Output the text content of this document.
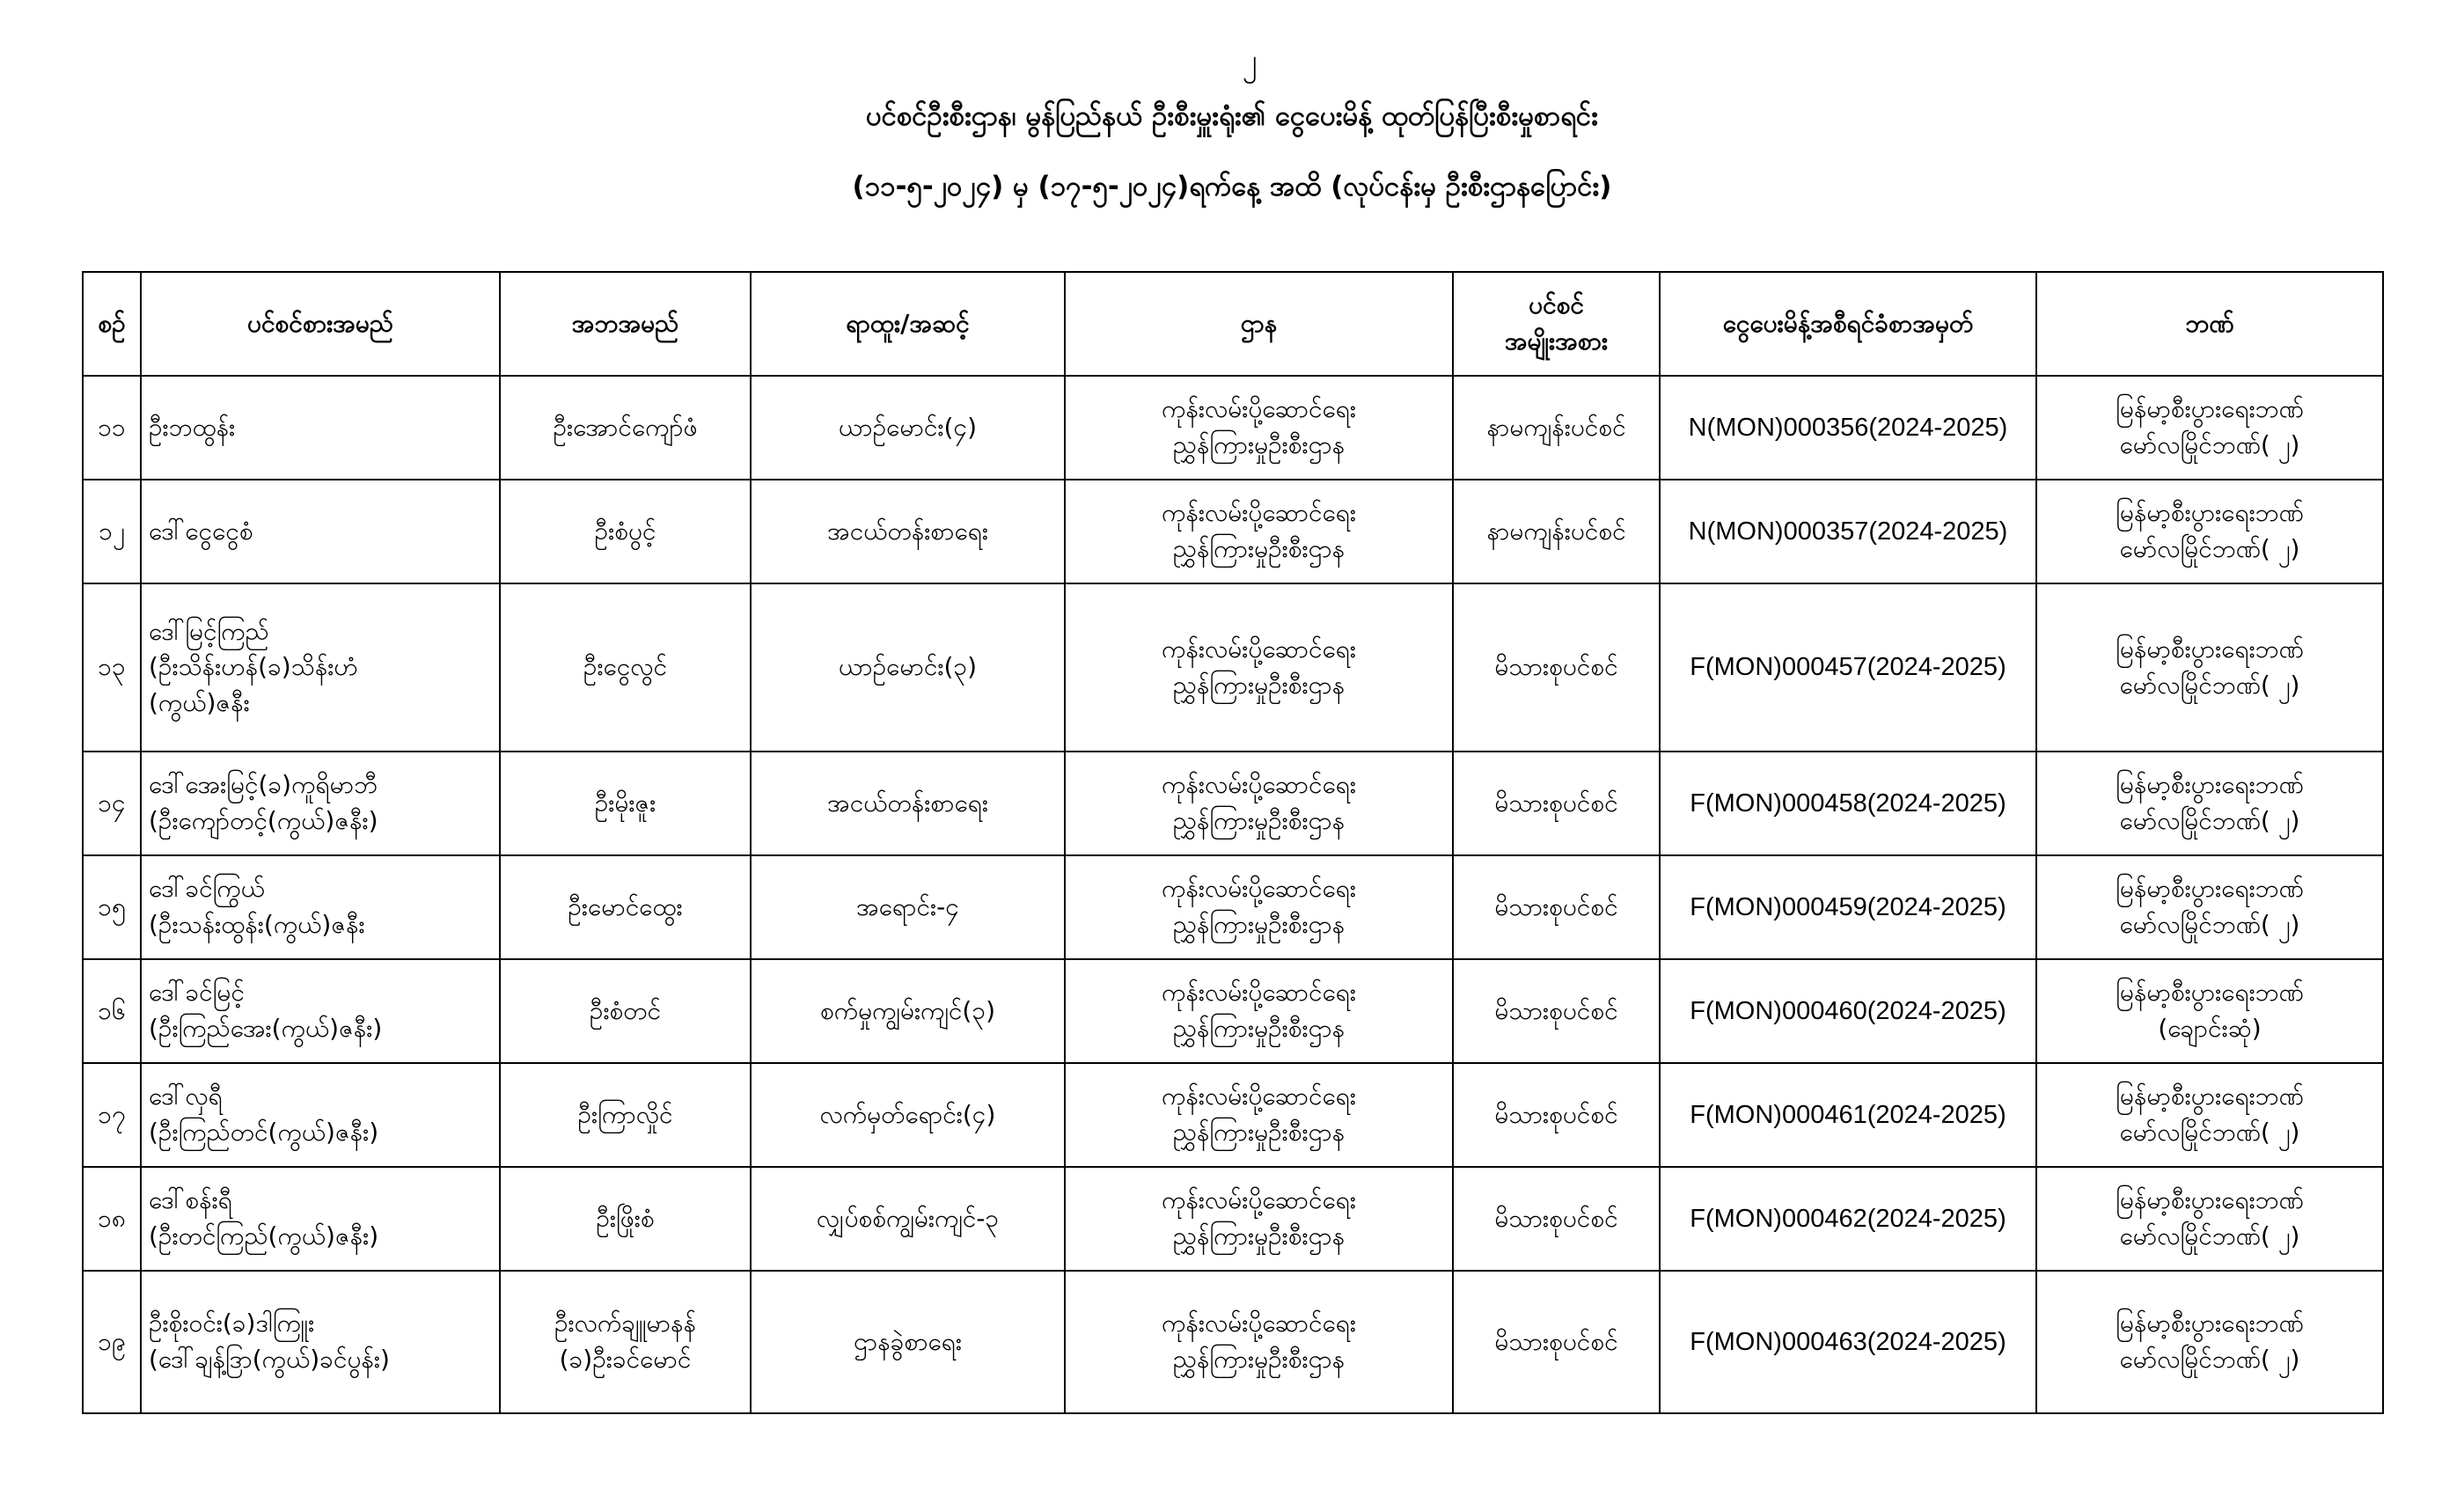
၂
ပင်စင်ဦးစီးဌာန၊ မွန်ပြည်နယ် ဦးစီးမှူးရုံး၏ ငွေပေးမိန့် ထုတ်ပြန်ပြီးစီးမှုစာရင်း
(၁၁-၅-၂၀၂၄) မှ (၁၇-၅-၂၀၂၄)ရက်နေ့ အထိ (လုပ်ငန်းမှ ဦးစီးဌာနပြောင်း)
စဉ်	ပင်စင်စားအမည်	အဘအမည်	ရာထူး/အဆင့်	ဌာန	ပင်စင်
အမျိုးအစား	ငွေပေးမိန့်အစီရင်ခံစာအမှတ်	ဘဏ်
၁၁	ဦးဘထွန်း	ဦးအောင်ကျော်ဖံ	ယာဉ်မောင်း(၄)	ကုန်းလမ်းပို့ဆောင်ရေး
ညွှန်ကြားမှုဦးစီးဌာန	နာမကျန်းပင်စင်	N(MON)000356(2024-2025)	မြန်မာ့စီးပွားရေးဘဏ်
မော်လမြိုင်ဘဏ်( ၂)

၁၂	ဒေါ်ငွေငွေစံ	ဦးစံပွင့်	အငယ်တန်းစာရေး	ကုန်းလမ်းပို့ဆောင်ရေး
ညွှန်ကြားမှုဦးစီးဌာန	နာမကျန်းပင်စင်	N(MON)000357(2024-2025)	မြန်မာ့စီးပွားရေးဘဏ်
မော်လမြိုင်ဘဏ်( ၂)

၁၃	ဒေါ်မြင့်ကြည်
(ဦးသိန်းဟန်(ခ)သိန်းဟံ
(ကွယ်)ဇနီး	ဦးငွေလွင်	ယာဉ်မောင်း(၃)	ကုန်းလမ်းပို့ဆောင်ရေး
ညွှန်ကြားမှုဦးစီးဌာန	မိသားစုပင်စင်	F(MON)000457(2024-2025)	မြန်မာ့စီးပွားရေးဘဏ်
မော်လမြိုင်ဘဏ်( ၂)

၁၄	ဒေါ်အေးမြင့်(ခ)ကူရိမာဘီ
(ဦးကျော်တင့်(ကွယ်)ဇနီး)	ဦးမိုးဇူး	အငယ်တန်းစာရေး	ကုန်းလမ်းပို့ဆောင်ရေး
ညွှန်ကြားမှုဦးစီးဌာန	မိသားစုပင်စင်	F(MON)000458(2024-2025)	မြန်မာ့စီးပွားရေးဘဏ်
မော်လမြိုင်ဘဏ်( ၂)

၁၅	ဒေါ်ခင်ကြွယ်
(ဦးသန်းထွန်း(ကွယ်)ဇနီး	ဦးမောင်ထွေး	အရောင်း-၄	ကုန်းလမ်းပို့ဆောင်ရေး
ညွှန်ကြားမှုဦးစီးဌာန	မိသားစုပင်စင်	F(MON)000459(2024-2025)	မြန်မာ့စီးပွားရေးဘဏ်
မော်လမြိုင်ဘဏ်( ၂)

၁၆	ဒေါ်ခင်မြင့်
(ဦးကြည်အေး(ကွယ်)ဇနီး)	ဦးစံတင်	စက်မှုကျွမ်းကျင်(၃)	ကုန်းလမ်းပို့ဆောင်ရေး
ညွှန်ကြားမှုဦးစီးဌာန	မိသားစုပင်စင်	F(MON)000460(2024-2025)	မြန်မာ့စီးပွားရေးဘဏ်
(ချောင်းဆုံ)

၁၇	ဒေါ်လှရီ
(ဦးကြည်တင်(ကွယ်)ဇနီး)	ဦးကြာလှိုင်	လက်မှတ်ရောင်း(၄)	ကုန်းလမ်းပို့ဆောင်ရေး
ညွှန်ကြားမှုဦးစီးဌာန	မိသားစုပင်စင်	F(MON)000461(2024-2025)	မြန်မာ့စီးပွားရေးဘဏ်
မော်လမြိုင်ဘဏ်( ၂)

၁၈	ဒေါ်စန်းရီ
(ဦးတင်ကြည်(ကွယ်)ဇနီး)	ဦးဖြိုးစံ	လျှပ်စစ်ကျွမ်းကျင်-၃	ကုန်းလမ်းပို့ဆောင်ရေး
ညွှန်ကြားမှုဦးစီးဌာန	မိသားစုပင်စင်	F(MON)000462(2024-2025)	မြန်မာ့စီးပွားရေးဘဏ်
မော်လမြိုင်ဘဏ်( ၂)

၁၉	ဦးစိုးဝင်း(ခ)ဒါကြူး
(ဒေါ်ချန့်ဒြာ(ကွယ်)ခင်ပွန်း)	ဦးလက်ချူမာနန်
(ခ)ဦးခင်မောင်	ဌာနခွဲစာရေး	ကုန်းလမ်းပို့ဆောင်ရေး
ညွှန်ကြားမှုဦးစီးဌာန	မိသားစုပင်စင်	F(MON)000463(2024-2025)	မြန်မာ့စီးပွားရေးဘဏ်
မော်လမြိုင်ဘဏ်( ၂)
